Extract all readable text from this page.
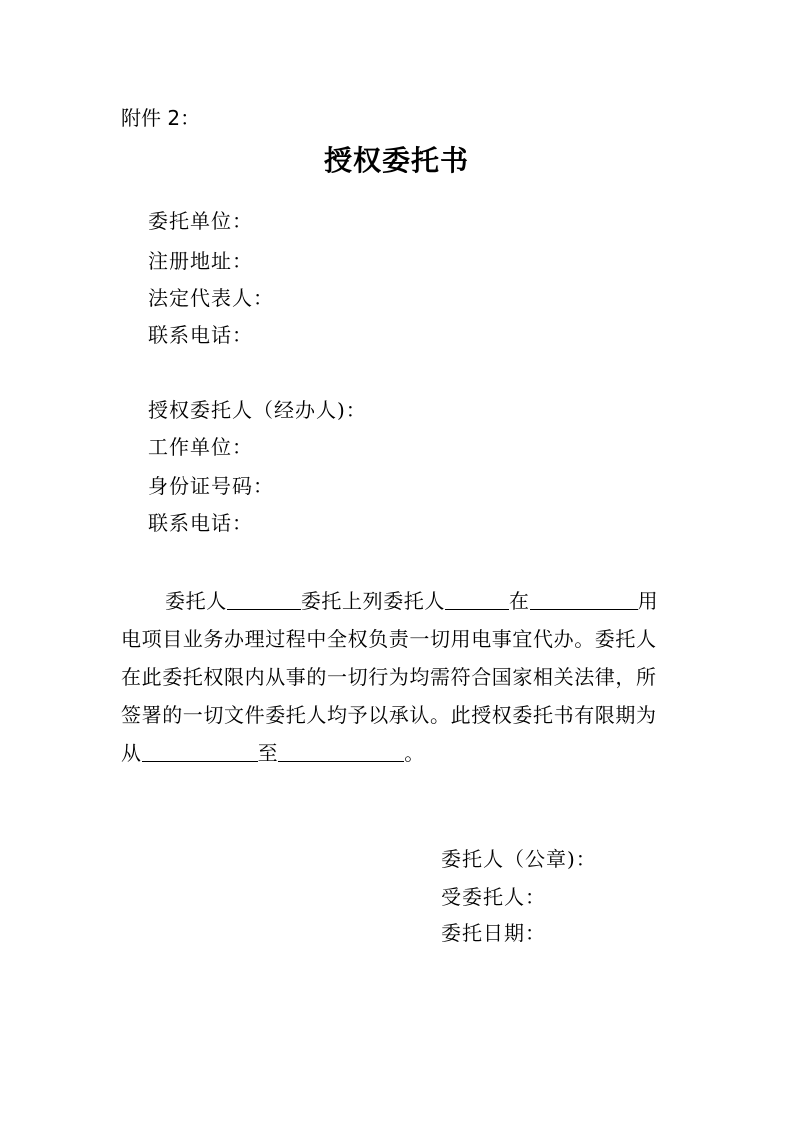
附件 2：
授权委托书
委托单位：
注册地址：
法定代表人：
联系电话：
授权委托人（经办人)：
工作单位：
身份证号码：
联系电话：
委托人	委托上列委托人	在	用
电项目业务办理过程中全权负责一切用电事宜代办。委托人
在此委托权限内从事的一切行为均需符合国家相关法律，所
签署的一切文件委托人均予以承认。此授权委托书有限期为
从	至	。
委托人（公章)：
受委托人：
委托日期：
